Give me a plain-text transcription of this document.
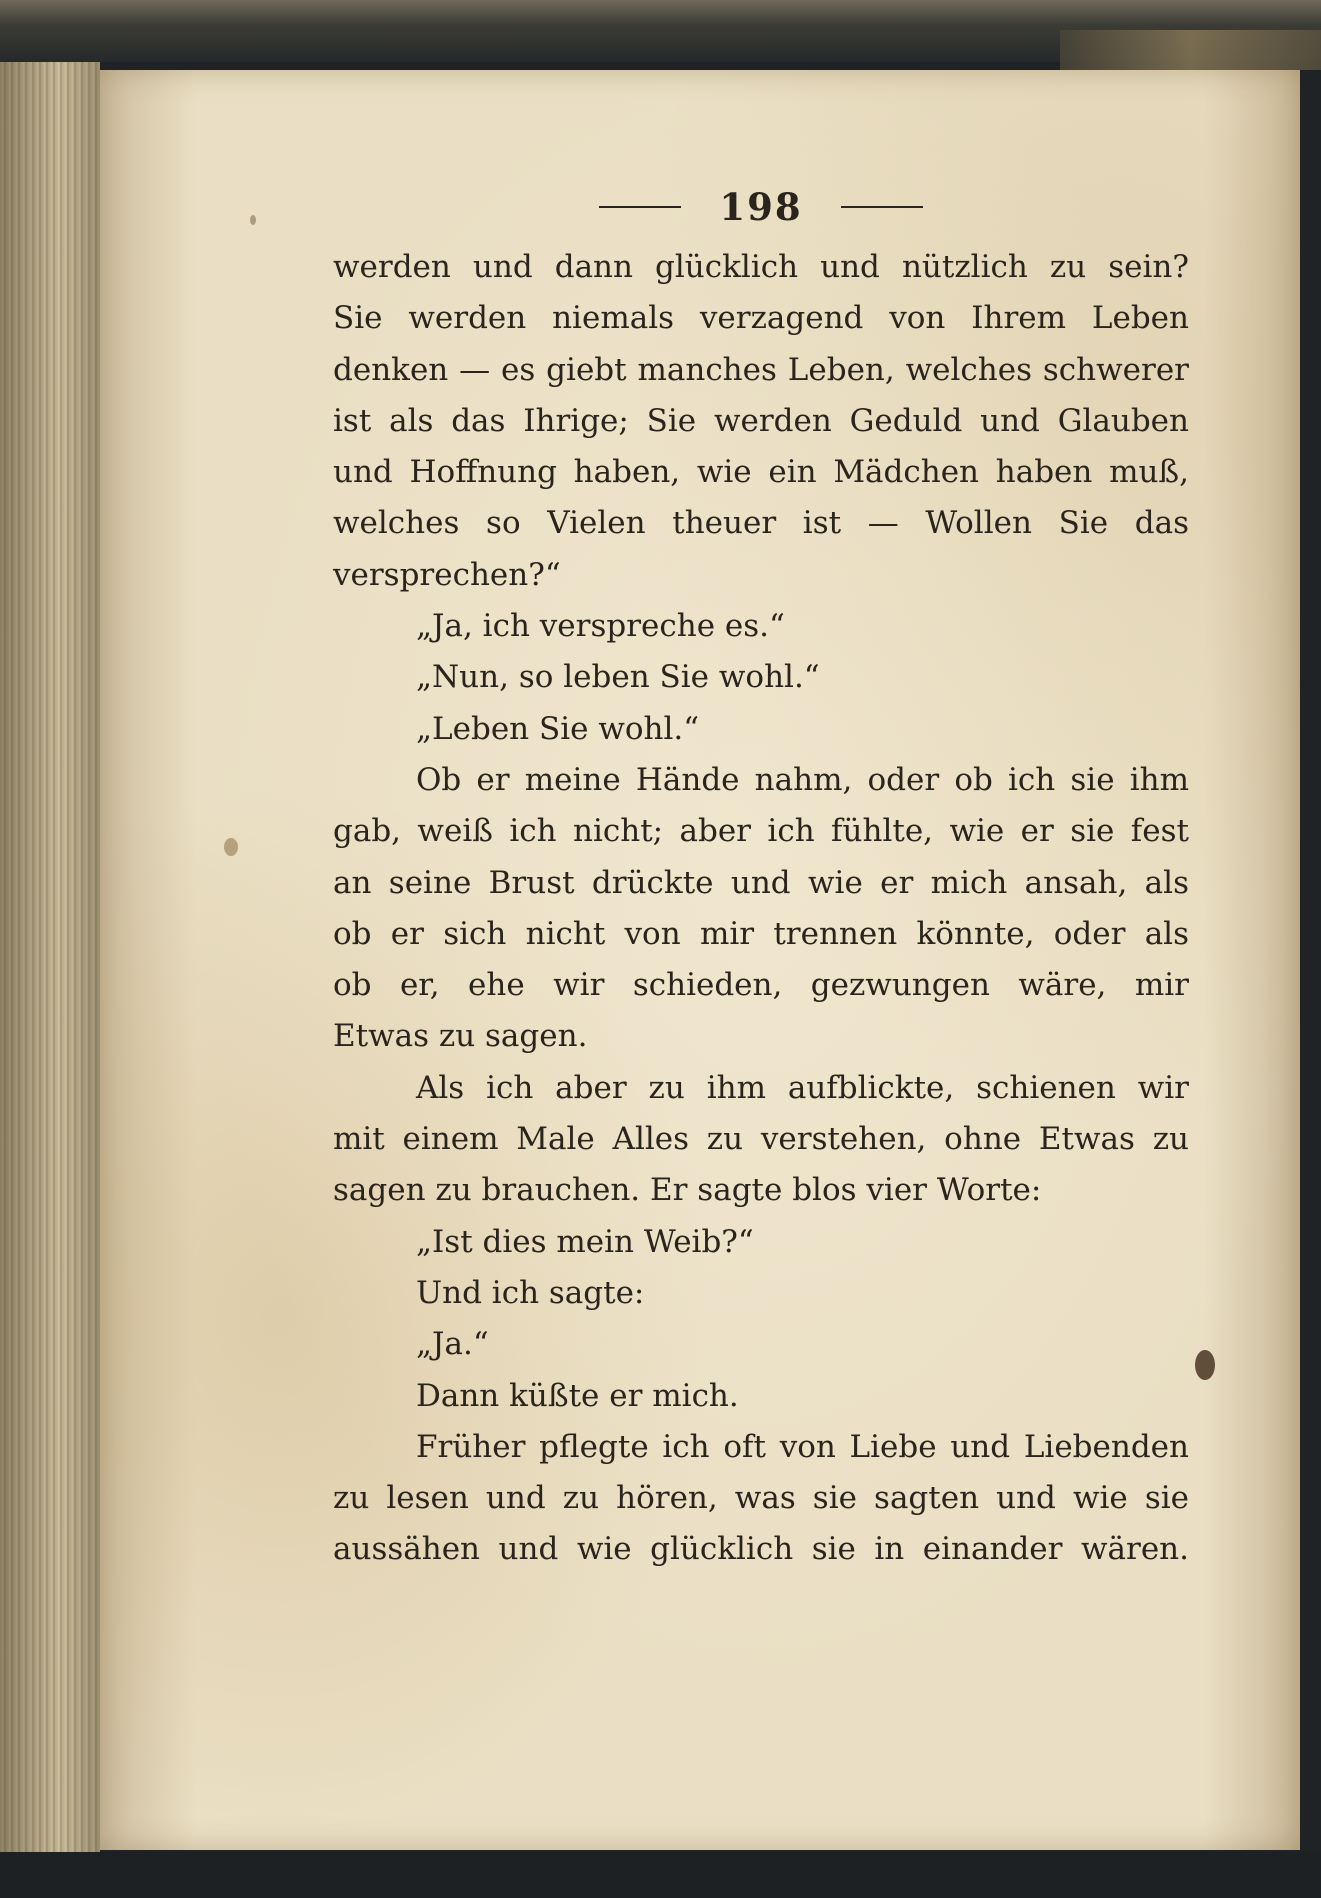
198
werden und dann glücklich und nützlich zu sein?
Sie werden niemals verzagend von Ihrem Leben
denken — es giebt manches Leben, welches schwerer
ist als das Ihrige; Sie werden Geduld und Glauben
und Hoffnung haben, wie ein Mädchen haben muß,
welches so Vielen theuer ist — Wollen Sie das
versprechen?“
„Ja, ich verspreche es.“
„Nun, so leben Sie wohl.“
„Leben Sie wohl.“
Ob er meine Hände nahm, oder ob ich sie ihm
gab, weiß ich nicht; aber ich fühlte, wie er sie fest
an seine Brust drückte und wie er mich ansah, als
ob er sich nicht von mir trennen könnte, oder als
ob er, ehe wir schieden, gezwungen wäre, mir
Etwas zu sagen.
Als ich aber zu ihm aufblickte, schienen wir
mit einem Male Alles zu verstehen, ohne Etwas zu
sagen zu brauchen. Er sagte blos vier Worte:
„Ist dies mein Weib?“
Und ich sagte:
„Ja.“
Dann küßte er mich.
Früher pflegte ich oft von Liebe und Liebenden
zu lesen und zu hören, was sie sagten und wie sie
aussähen und wie glücklich sie in einander wären.
